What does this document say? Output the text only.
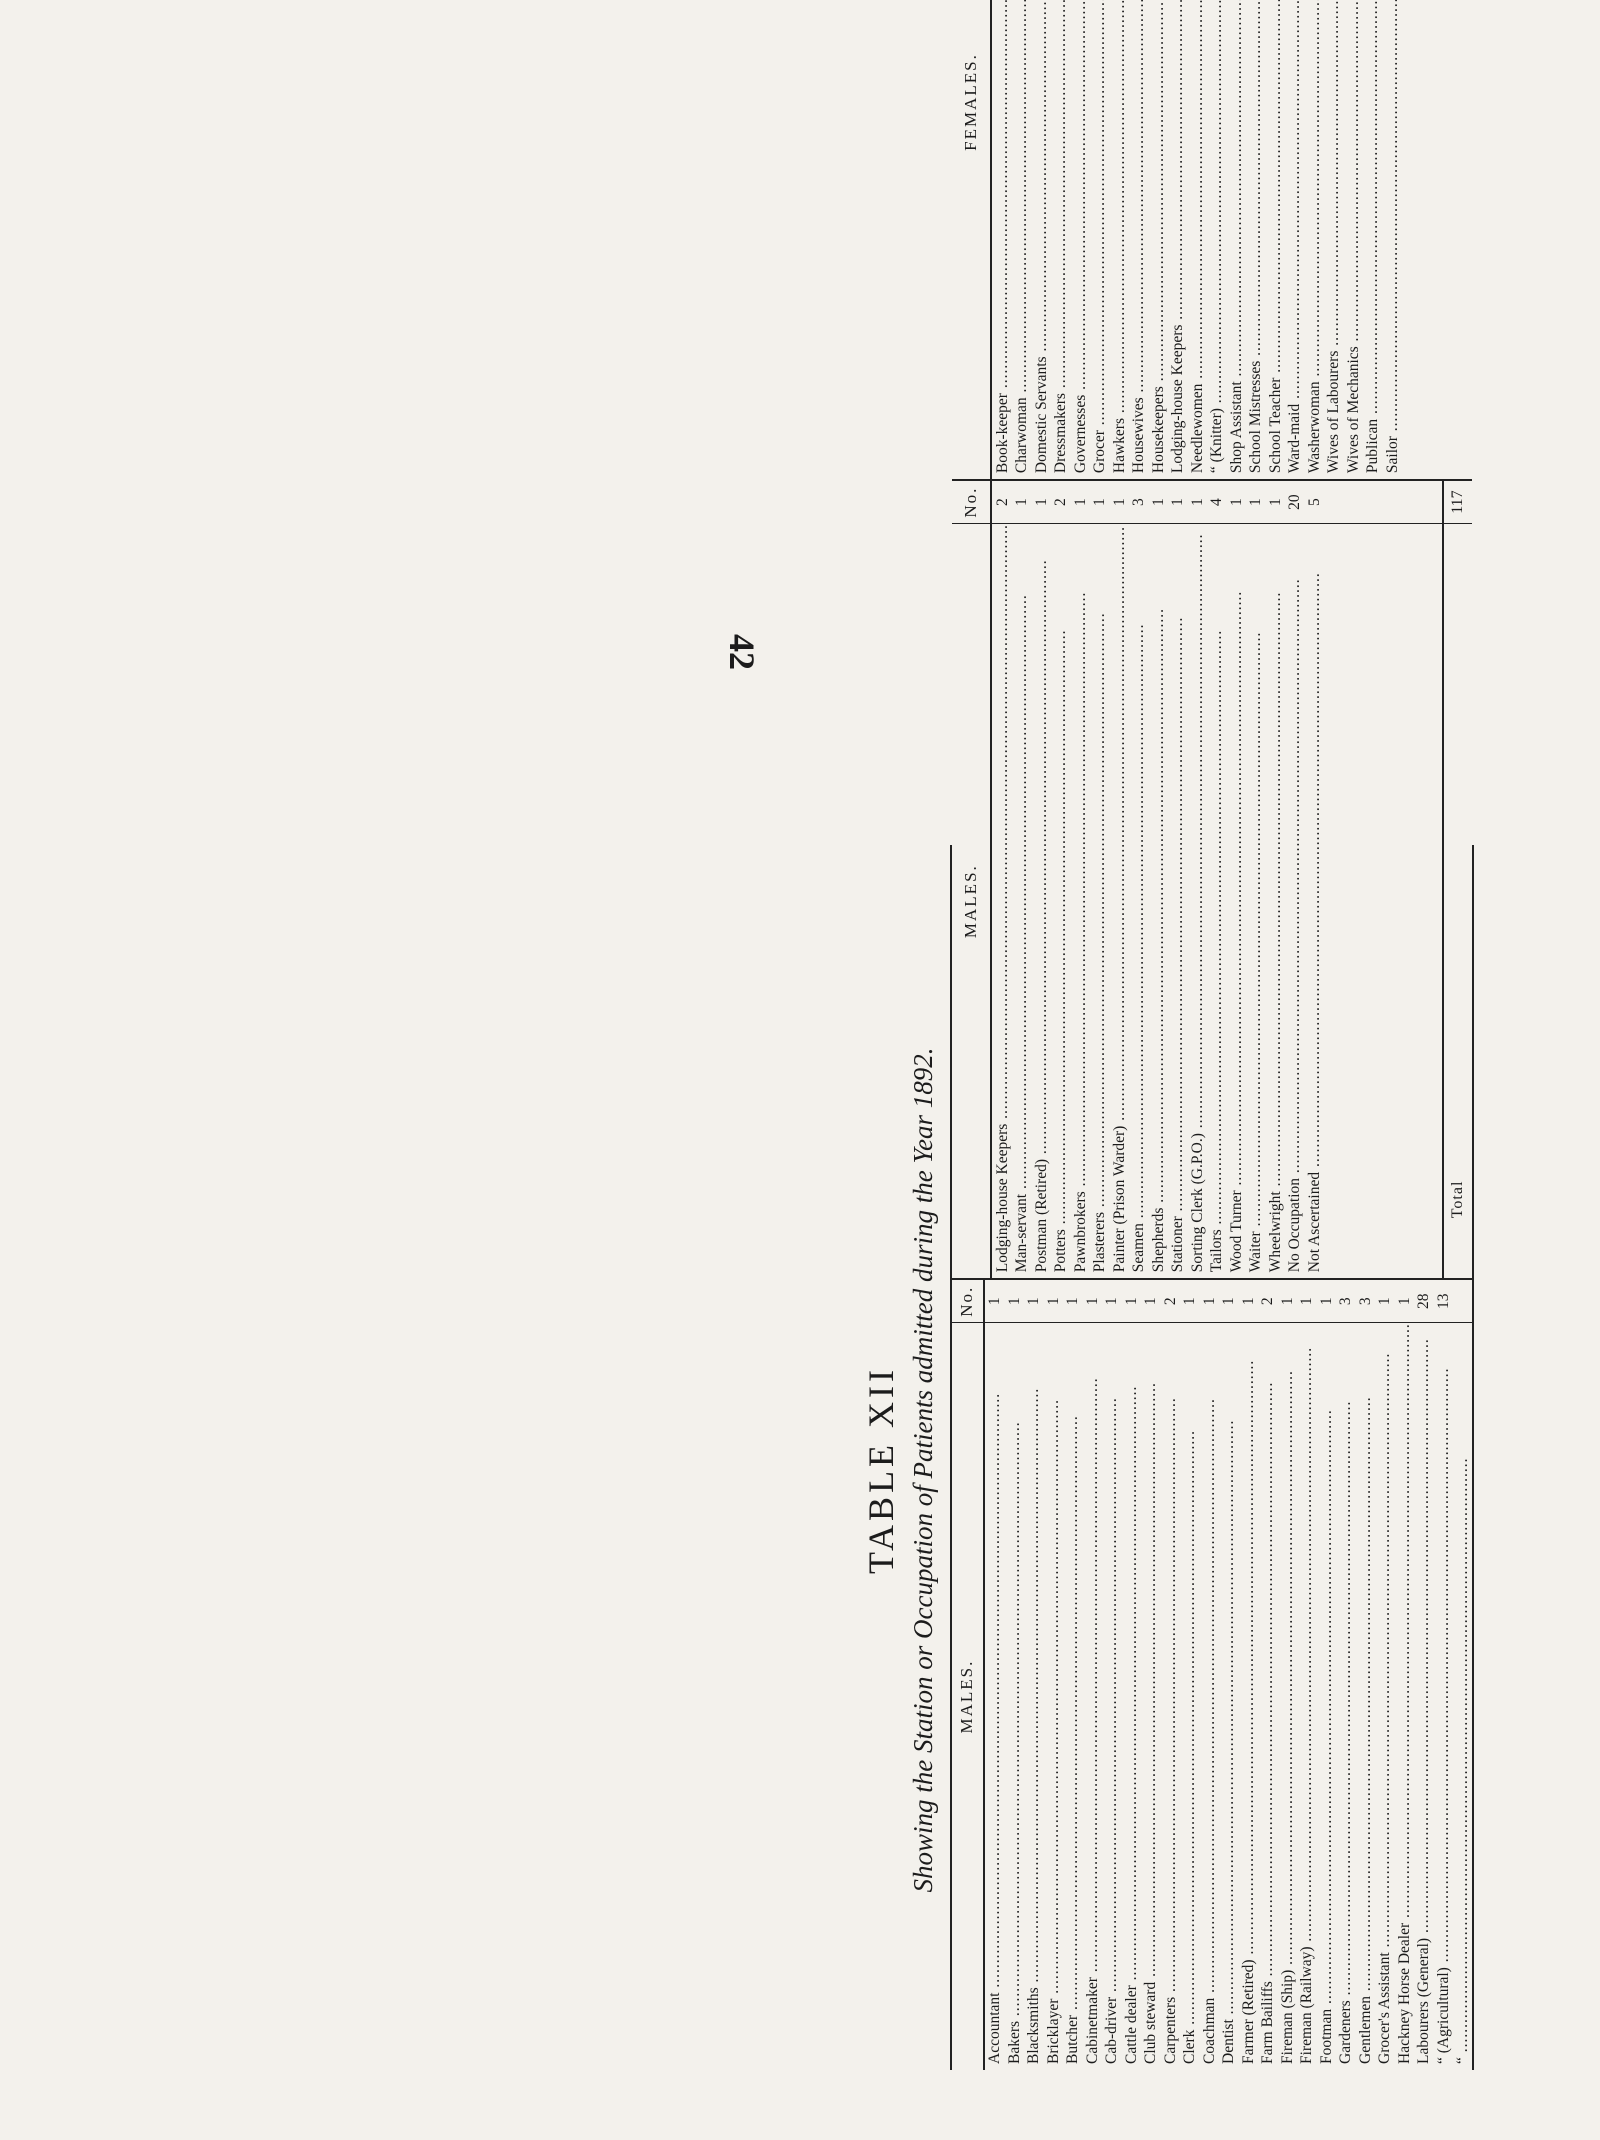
42
TABLE XII Showing the Station or Occupation of Patients admitted during the Year 1892. MALES.
No.
Accountant .....
1
Bakers .....
1
Blacksmiths .....
1
Bricklayer .....
1
Butcher .....
1
Cabinetmaker .....
1
Cab-driver .....
1
Cattle dealer .....
1
Club steward .....
1
Carpenters .....
2
Clerk .....
1
Coachman .....
1
Dentist .....
1
Farmer (Retired) .....
1
Farm Bailiffs .....
2
Fireman (Ship) .....
1
Fireman (Railway) .....
1
Footman .....
1
Gardeners .....
3
Gentlemen .....
3
Grocer's Assistant .....
1
Hackney Horse Dealer .....
1
Labourers (General) .....
28
“ (Agricultural) .....
13
“ .....
MALES.
No.
Lodging-house Keepers .....
2
Man-servant .....
1
Postman (Retired) .....
1
Potters .....
2
Pawnbrokers .....
1
Plasterers .....
1
Painter (Prison Warder) .....
1
Seamen .....
3
Shepherds .....
1
Stationer .....
1
Sorting Clerk (G.P.O.) .....
1
Tailors .....
4
Wood Turner .....
1
Waiter .....
1
Wheelwright .....
1
No Occupation .....
20
Not Ascertained .....
5
Total
117
FEMALES.
Book-keeper ..... Charwoman ..... Domestic Servants ..... Dressmakers ..... Governesses ..... Grocer ..... Hawkers ..... Housewives ..... Housekeepers ..... Lodging-house Keepers ..... Needlewomen ..... “ (Knitter) ..... Shop Assistant ..... School Mistresses ..... School Teacher ..... Ward-maid ..... Washerwoman ..... Wives of Labourers ..... Wives of Mechanics ..... Publican ..... Sailor .....
